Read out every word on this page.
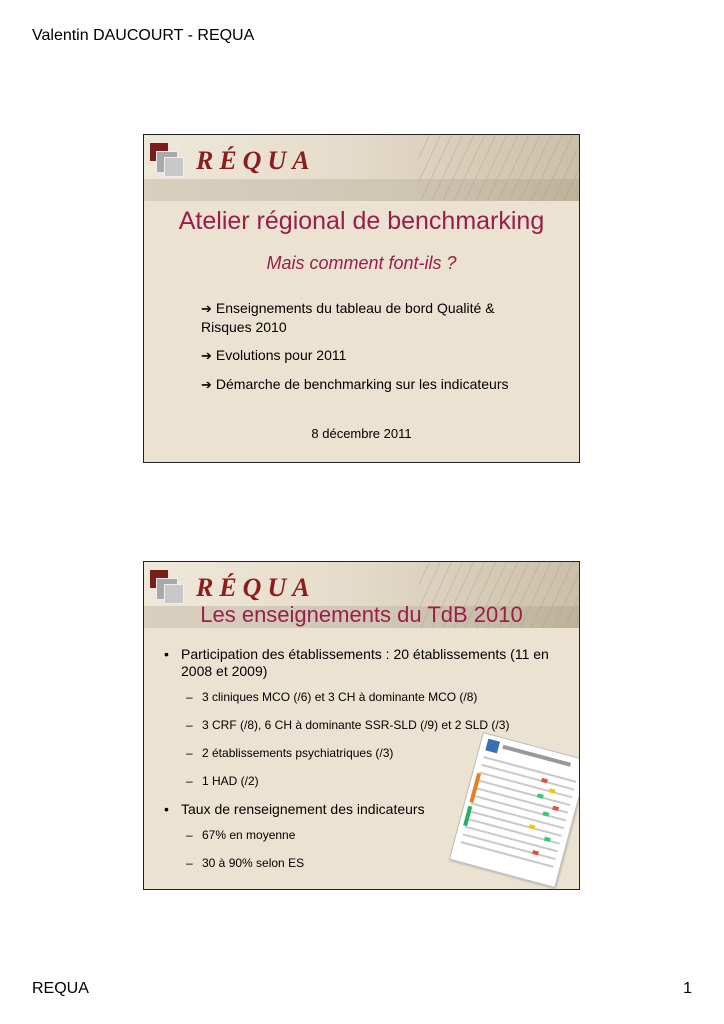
Valentin DAUCOURT - REQUA
RÉQUA
Atelier régional de benchmarking
Mais comment font-ils ?
➔ Enseignements du tableau de bord Qualité & Risques 2010
➔ Evolutions pour 2011
➔ Démarche de benchmarking sur les indicateurs
8 décembre 2011
RÉQUA
Les enseignements du TdB 2010
• Participation des établissements : 20 établissements (11 en 2008 et 2009)
– 3 cliniques MCO (/6) et 3 CH à dominante MCO (/8)
– 3 CRF (/8), 6 CH à dominante SSR-SLD (/9) et 2 SLD (/3)
– 2 établissements psychiatriques (/3)
– 1 HAD (/2)
• Taux de renseignement des indicateurs
– 67% en moyenne
– 30 à 90% selon ES
REQUA	1
